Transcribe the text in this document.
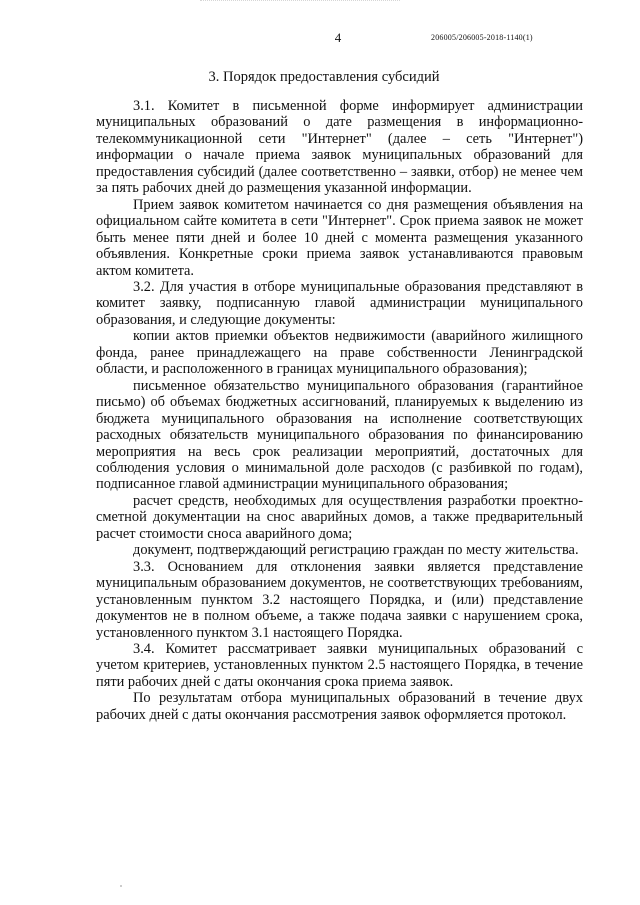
4	206005/206005-2018-1140(1)
3. Порядок предоставления субсидий

3.1. Комитет в письменной форме информирует администрации муниципальных образований о дате размещения в информационно-телекоммуникационной сети "Интернет" (далее – сеть "Интернет") информации о начале приема заявок муниципальных образований для предоставления субсидий (далее соответственно – заявки, отбор) не менее чем за пять рабочих дней до размещения указанной информации.

Прием заявок комитетом начинается со дня размещения объявления на официальном сайте комитета в сети "Интернет". Срок приема заявок не может быть менее пяти дней и более 10 дней с момента размещения указанного объявления. Конкретные сроки приема заявок устанавливаются правовым актом комитета.

3.2. Для участия в отборе муниципальные образования представляют в комитет заявку, подписанную главой администрации муниципального образования, и следующие документы:

копии актов приемки объектов недвижимости (аварийного жилищного фонда, ранее принадлежащего на праве собственности Ленинградской области, и расположенного в границах муниципального образования);

письменное обязательство муниципального образования (гарантийное письмо) об объемах бюджетных ассигнований, планируемых к выделению из бюджета муниципального образования на исполнение соответствующих расходных обязательств муниципального образования по финансированию мероприятия на весь срок реализации мероприятий, достаточных для соблюдения условия о минимальной доле расходов (с разбивкой по годам), подписанное главой администрации муниципального образования;

расчет средств, необходимых для осуществления разработки проектно-сметной документации на снос аварийных домов, а также предварительный расчет стоимости сноса аварийного дома;

документ, подтверждающий регистрацию граждан по месту жительства.

3.3. Основанием для отклонения заявки является представление муниципальным образованием документов, не соответствующих требованиям, установленным пунктом 3.2 настоящего Порядка, и (или) представление документов не в полном объеме, а также подача заявки с нарушением срока, установленного пунктом 3.1 настоящего Порядка.

3.4. Комитет рассматривает заявки муниципальных образований с учетом критериев, установленных пунктом 2.5 настоящего Порядка, в течение пяти рабочих дней с даты окончания срока приема заявок.

По результатам отбора муниципальных образований в течение двух рабочих дней с даты окончания рассмотрения заявок оформляется протокол.
